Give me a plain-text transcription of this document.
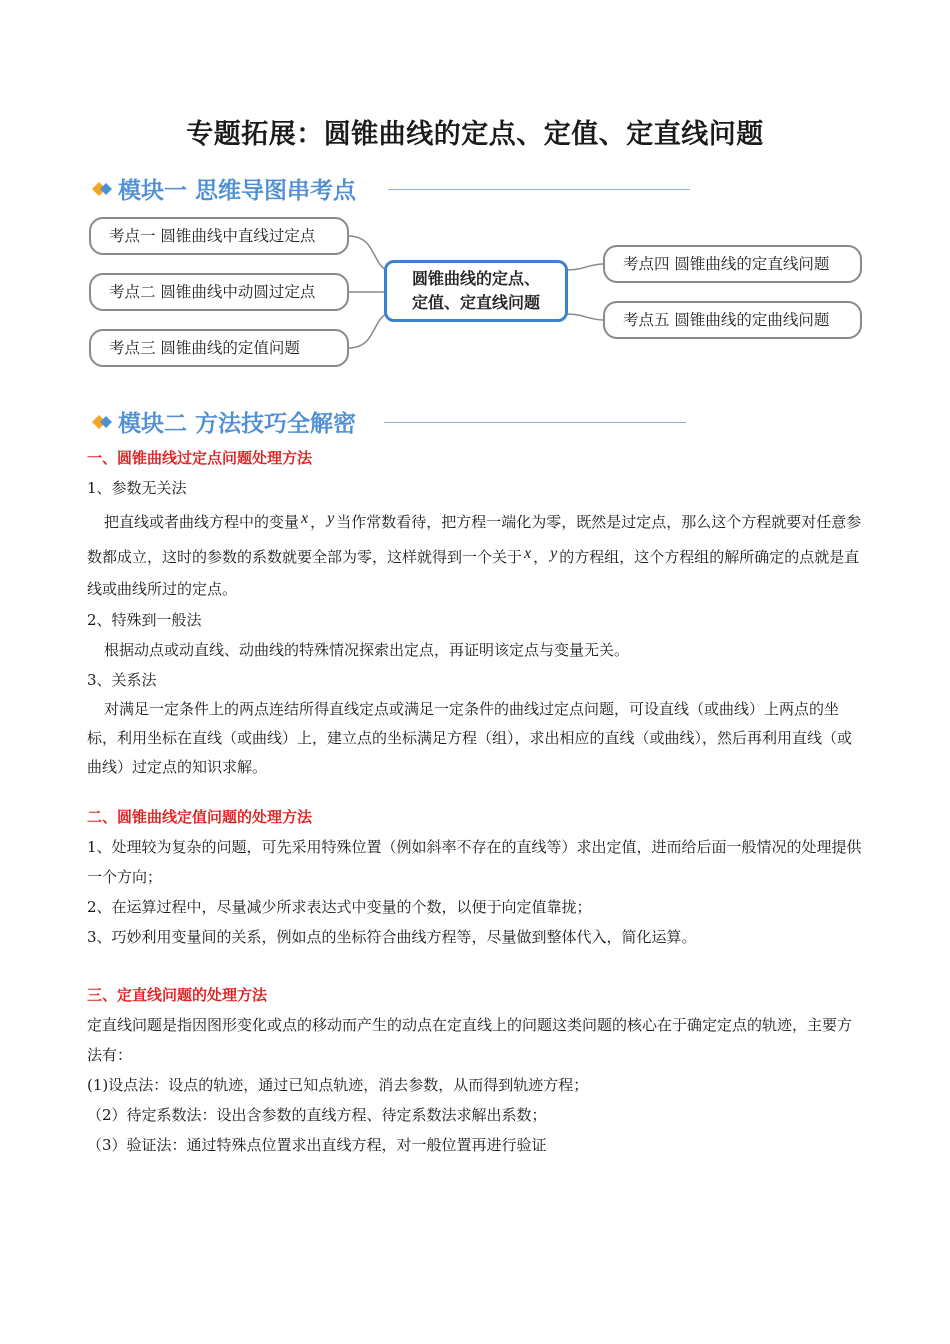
专题拓展：圆锥曲线的定点、定值、定直线问题
模块一 思维导图串考点
考点一 圆锥曲线中直线过定点
考点二 圆锥曲线中动圆过定点
考点三 圆锥曲线的定值问题
圆锥曲线的定点、
定值、定直线问题
考点四 圆锥曲线的定直线问题
考点五 圆锥曲线的定曲线问题
模块二 方法技巧全解密
一、圆锥曲线过定点问题处理方法
1、参数无关法
把直线或者曲线方程中的变量 x ， y 当作常数看待，把方程一端化为零，既然是过定点，那么这个方程就要对任意参数都成立，这时的参数的系数就要全部为零，这样就得到一个关于 x ， y 的方程组，这个方程组的解所确定的点就是直线或曲线所过的定点。
2、特殊到一般法
根据动点或动直线、动曲线的特殊情况探索出定点，再证明该定点与变量无关。
3、关系法
对满足一定条件上的两点连结所得直线定点或满足一定条件的曲线过定点问题，可设直线（或曲线）上两点的坐标，利用坐标在直线（或曲线）上，建立点的坐标满足方程（组），求出相应的直线（或曲线），然后再利用直线（或曲线）过定点的知识求解。
二、圆锥曲线定值问题的处理方法
1、处理较为复杂的问题，可先采用特殊位置（例如斜率不存在的直线等）求出定值，进而给后面一般情况的处理提供一个方向；
2、在运算过程中，尽量减少所求表达式中变量的个数，以便于向定值靠拢；
3、巧妙利用变量间的关系，例如点的坐标符合曲线方程等，尽量做到整体代入，简化运算。
三、定直线问题的处理方法
定直线问题是指因图形变化或点的移动而产生的动点在定直线上的问题这类问题的核心在于确定定点的轨迹，主要方法有：
(1)设点法：设点的轨迹，通过已知点轨迹，消去参数，从而得到轨迹方程；
（2）待定系数法：设出含参数的直线方程、待定系数法求解出系数；
（3）验证法：通过特殊点位置求出直线方程，对一般位置再进行验证
